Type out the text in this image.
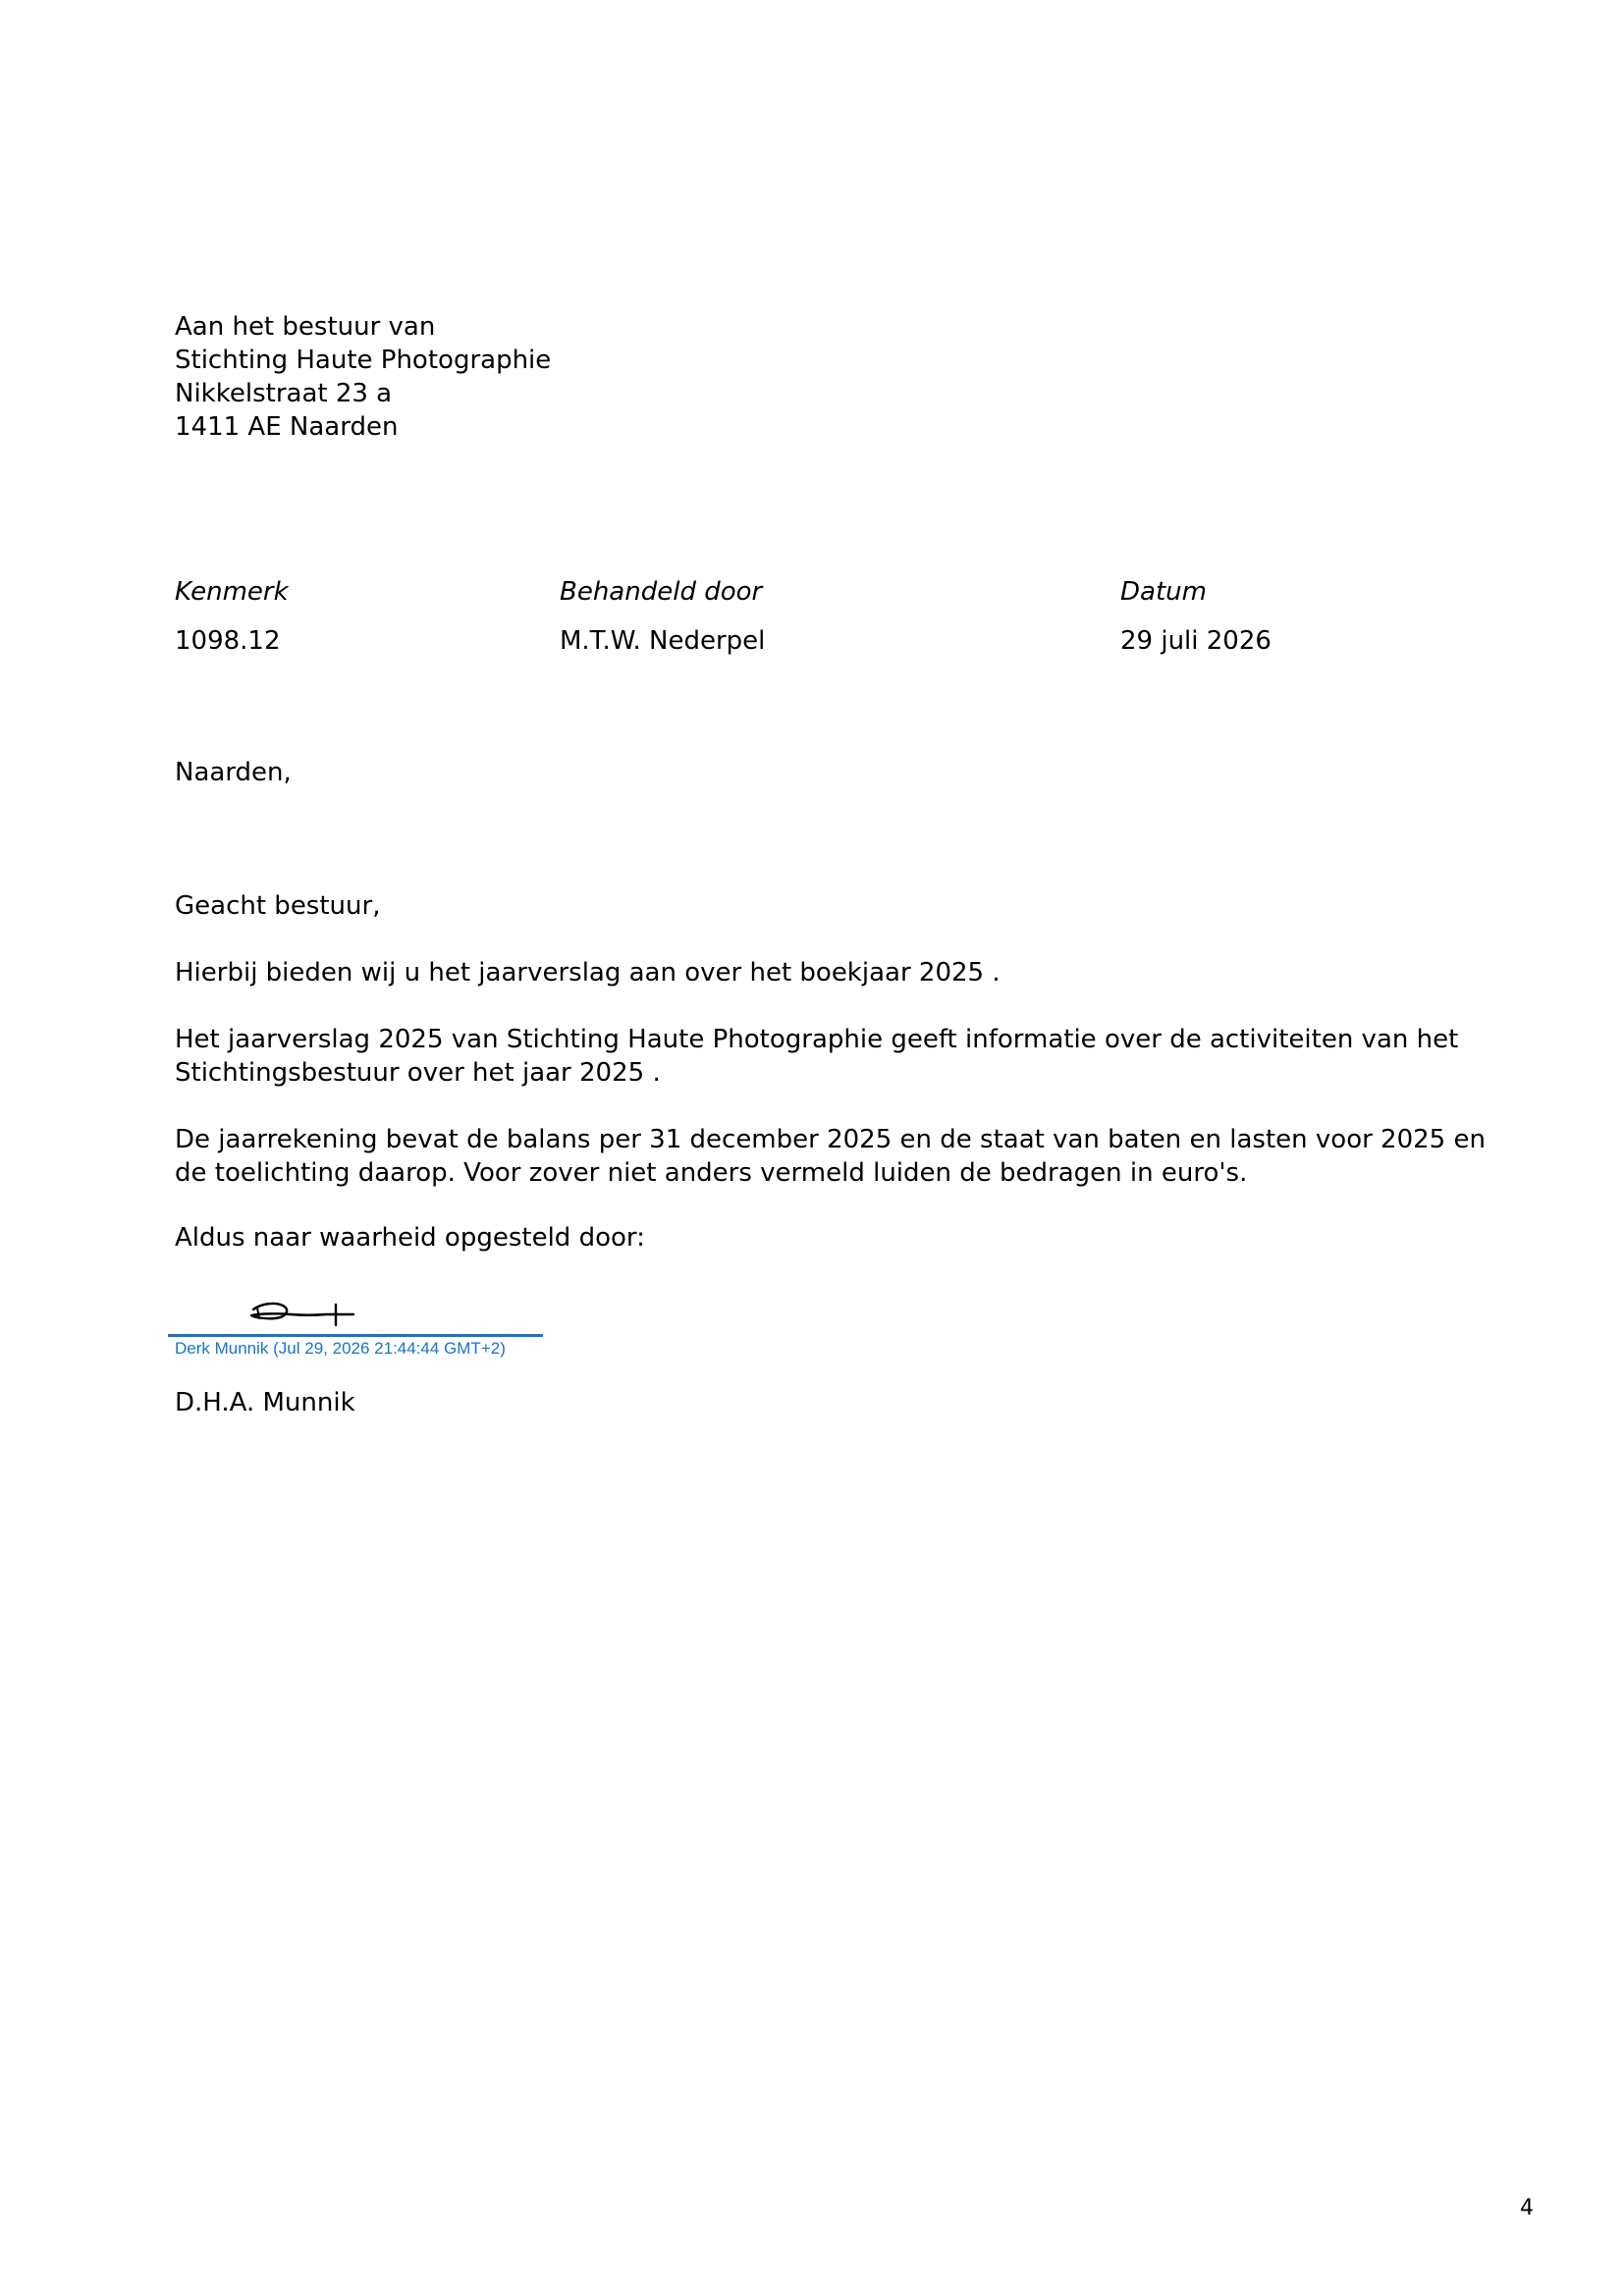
Aan het bestuur van
Stichting Haute Photographie
Nikkelstraat 23 a
1411 AE Naarden

Kenmerk	Behandeld door	Datum

1098.12	M.T.W. Nederpel	29 juli 2026

Naarden,

Geacht bestuur,

Hierbij bieden wij u het jaarverslag aan over het boekjaar 2025 .

Het jaarverslag 2025 van Stichting Haute Photographie geeft informatie over de activiteiten van het Stichtingsbestuur over het jaar 2025 .

De jaarrekening bevat de balans per 31 december 2025 en de staat van baten en lasten voor 2025 en de toelichting daarop. Voor zover niet anders vermeld luiden de bedragen in euro's.

Aldus naar waarheid opgesteld door:

Derk Munnik (Jul 29, 2026 21:44:44 GMT+2)

D.H.A. Munnik

4
